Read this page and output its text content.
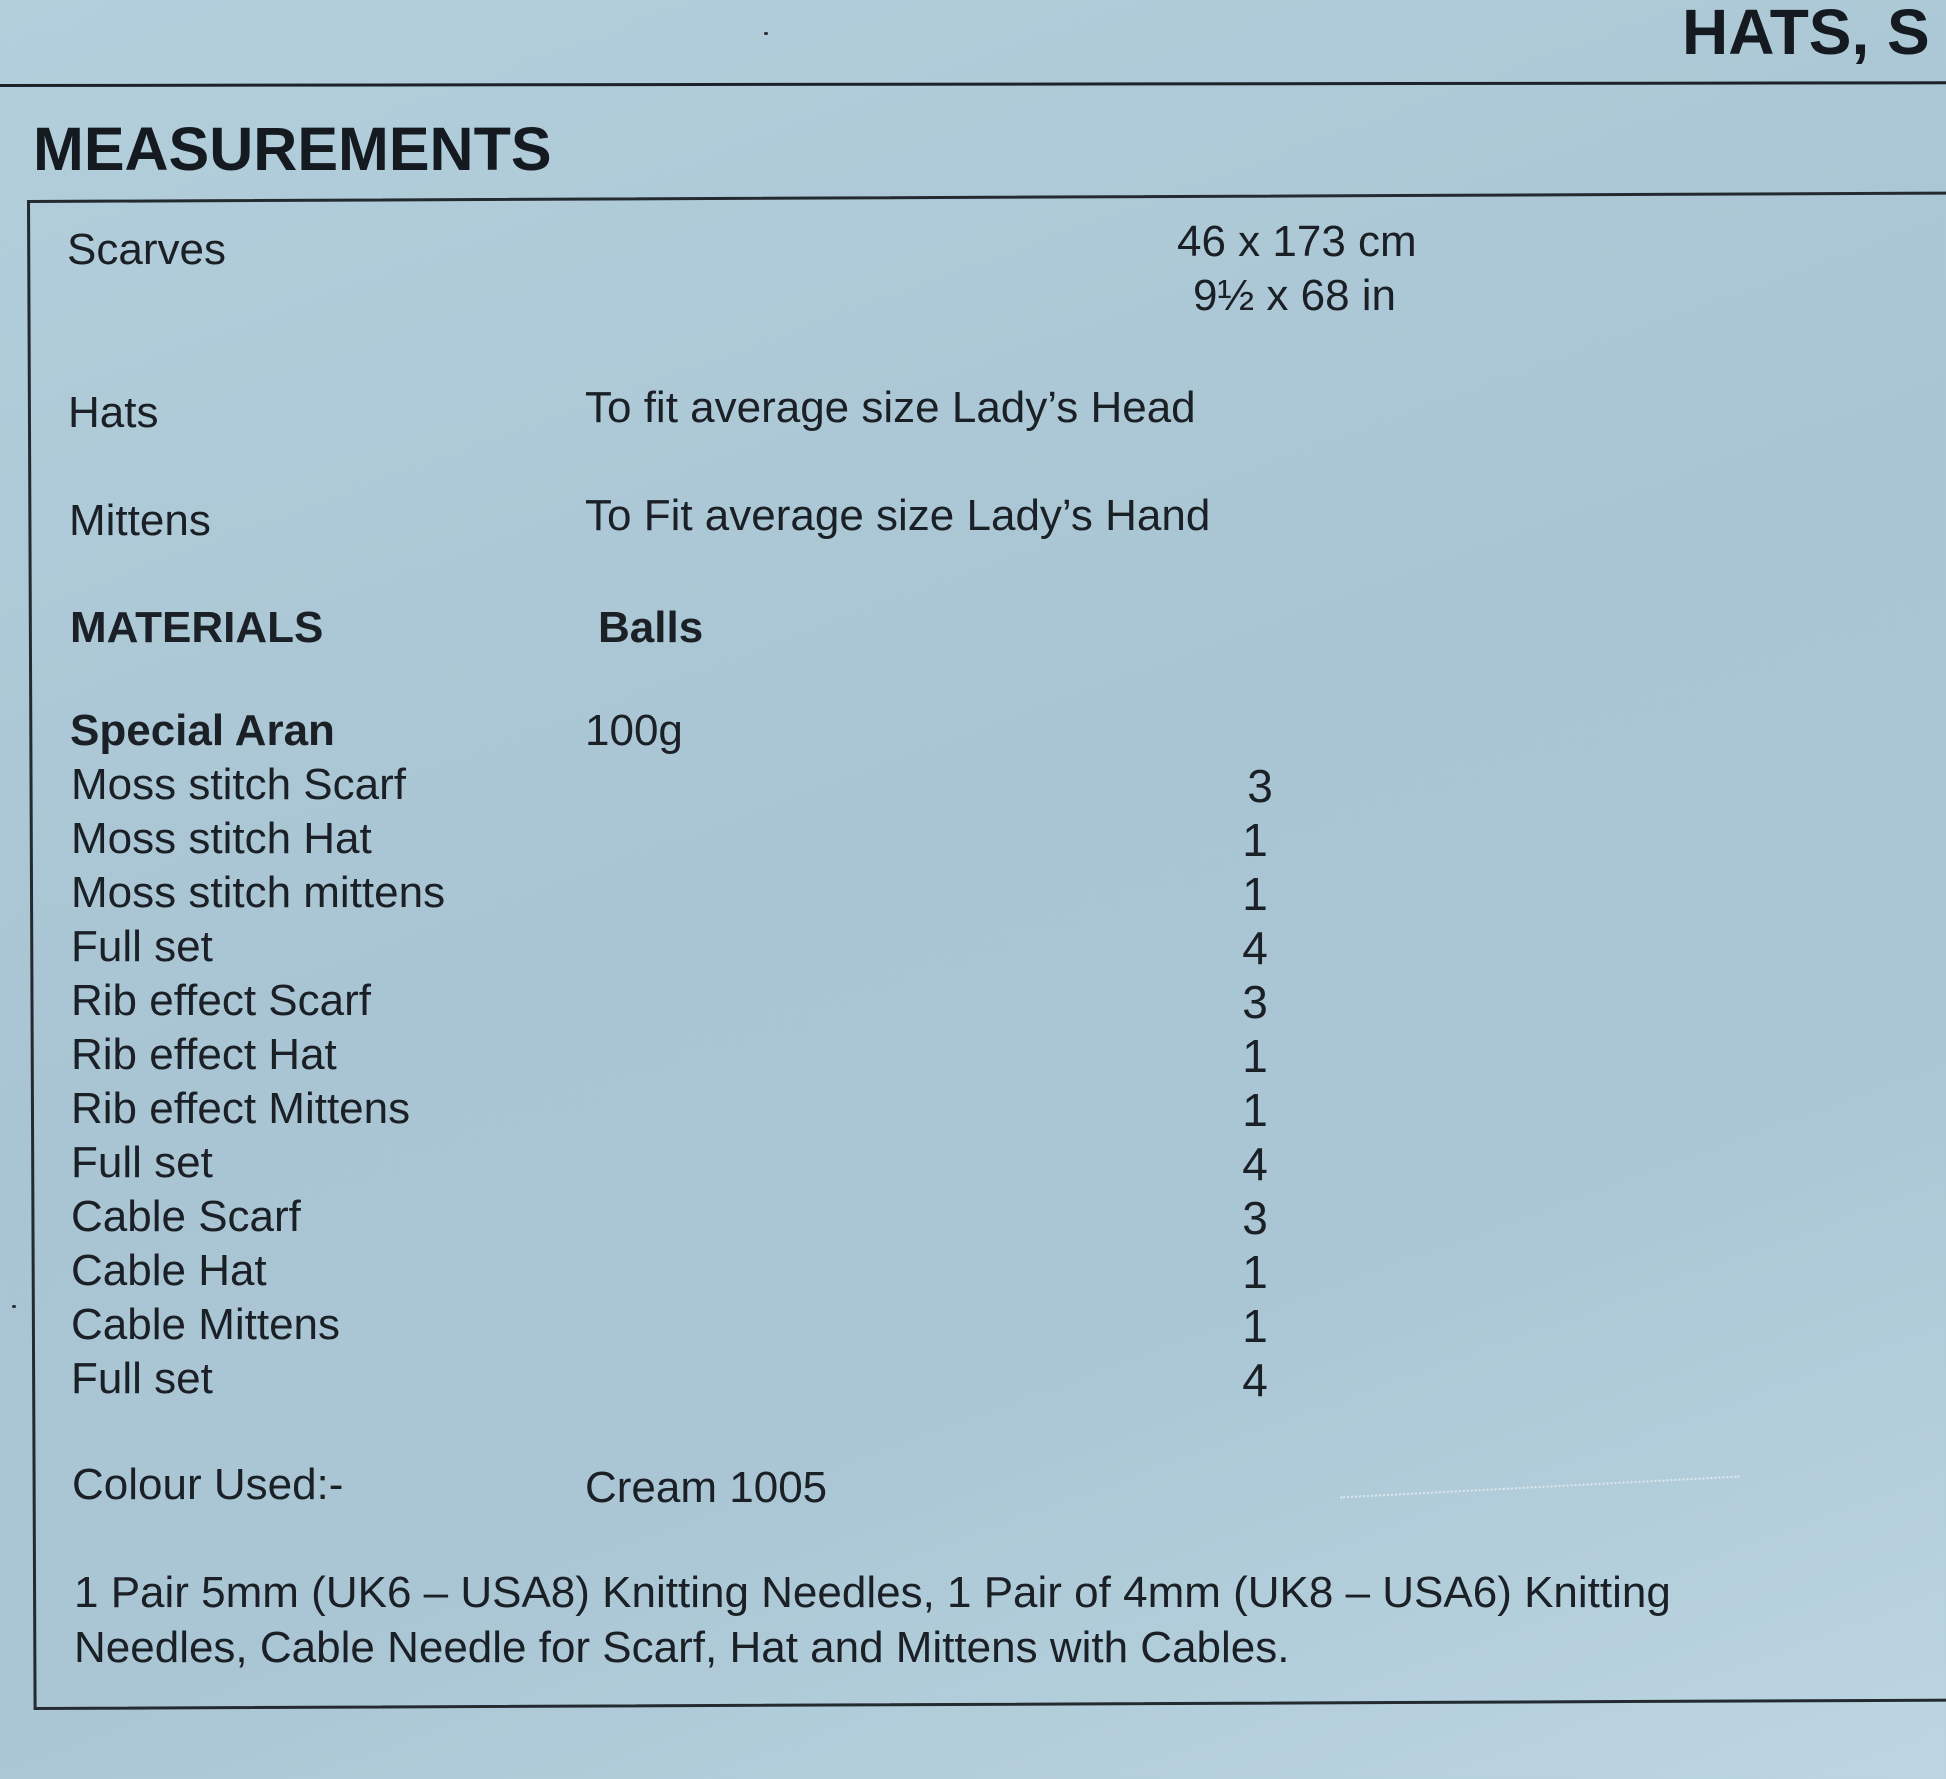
HATS, S
MEASUREMENTS
Scarves	46 x 173 cm
9½ x 68 in
Hats	To fit average size Lady’s Head
Mittens	To Fit average size Lady’s Hand
MATERIALS	Balls
Special Aran	100g
Moss stitch Scarf	3
Moss stitch Hat	1
Moss stitch mittens	1
Full set	4
Rib effect Scarf	3
Rib effect Hat	1
Rib effect Mittens	1
Full set	4
Cable Scarf	3
Cable Hat	1
Cable Mittens	1
Full set	4
Colour Used:-	Cream 1005
1 Pair 5mm (UK6 – USA8) Knitting Needles, 1 Pair of 4mm (UK8 – USA6) Knitting Needles, Cable Needle for Scarf, Hat and Mittens with Cables.
